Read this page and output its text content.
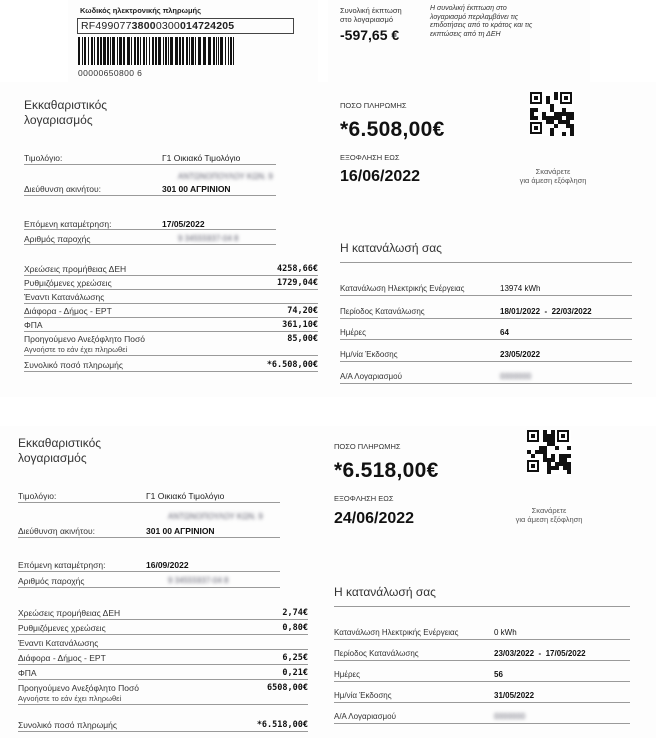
Κωδικός ηλεκτρονικής πληρωμής
RF49907738000300014724205
00000650800 6
Συνολική έκπτωση
στο λογαριασμό
-597,65 €
Η συνολική έκπτωση στο λογαριασμό περιλαμβάνει τις επιδοτήσεις από το κράτος και τις εκπτώσεις από τη ΔΕΗ
Εκκαθαριστικός
λογαριασμός
Τιμολόγιο:	Γ1 Οικιακό Τιμολόγιο
ΑΝΤΩΝΟΠΟΥΛΟΥ ΚΩΝ. 9
Διεύθυνση ακινήτου:	301 00 ΑΓΡΙΝΙΟΝ
Επόμενη καταμέτρηση:	17/05/2022
Αριθμός παροχής	9 34555937-04 8
Χρεώσεις προμήθειας ΔΕΗ	4258,66€
Ρυθμιζόμενες χρεώσεις	1729,04€
Έναντι Κατανάλωσης
Διάφορα - Δήμος - ΕΡΤ	74,20€
ΦΠΑ	361,10€
Προηγούμενο Ανεξόφλητο Ποσό	85,00€
Αγνοήστε το εάν έχει πληρωθεί
Συνολικό ποσό πληρωμής	*6.508,00€
ΠΟΣΟ ΠΛΗΡΩΜΗΣ
*6.508,00€
ΕΞΟΦΛΗΣΗ ΕΩΣ
16/06/2022	Σκανάρετε
για άμεση εξόφληση
Η κατανάλωσή σας
Κατανάλωση Ηλεκτρικής Ενέργειας	13974 kWh
Περίοδος Κατανάλωσης	18/01/2022  -  22/03/2022
Ημέρες	64
Ημ/νία Έκδοσης	23/05/2022
Α/Α Λογαριασμού	0000000
Εκκαθαριστικός
λογαριασμός
Τιμολόγιο:	Γ1 Οικιακό Τιμολόγιο
ΑΝΤΩΝΟΠΟΥΛΟΥ ΚΩΝ. 9
Διεύθυνση ακινήτου:	301 00 ΑΓΡΙΝΙΟΝ
Επόμενη καταμέτρηση:	16/09/2022
Αριθμός παροχής	9 34555937-04 8
Χρεώσεις προμήθειας ΔΕΗ	2,74€
Ρυθμιζόμενες χρεώσεις	0,80€
Έναντι Κατανάλωσης
Διάφορα - Δήμος - ΕΡΤ	6,25€
ΦΠΑ	0,21€
Προηγούμενο Ανεξόφλητο Ποσό	6508,00€
Αγνοήστε το εάν έχει πληρωθεί
Συνολικό ποσό πληρωμής	*6.518,00€
ΠΟΣΟ ΠΛΗΡΩΜΗΣ
*6.518,00€
ΕΞΟΦΛΗΣΗ ΕΩΣ
24/06/2022	Σκανάρετε
για άμεση εξόφληση
Η κατανάλωσή σας
Κατανάλωση Ηλεκτρικής Ενέργειας	0 kWh
Περίοδος Κατανάλωσης	23/03/2022  -  17/05/2022
Ημέρες	56
Ημ/νία Έκδοσης	31/05/2022
Α/Α Λογαριασμού	0000000
